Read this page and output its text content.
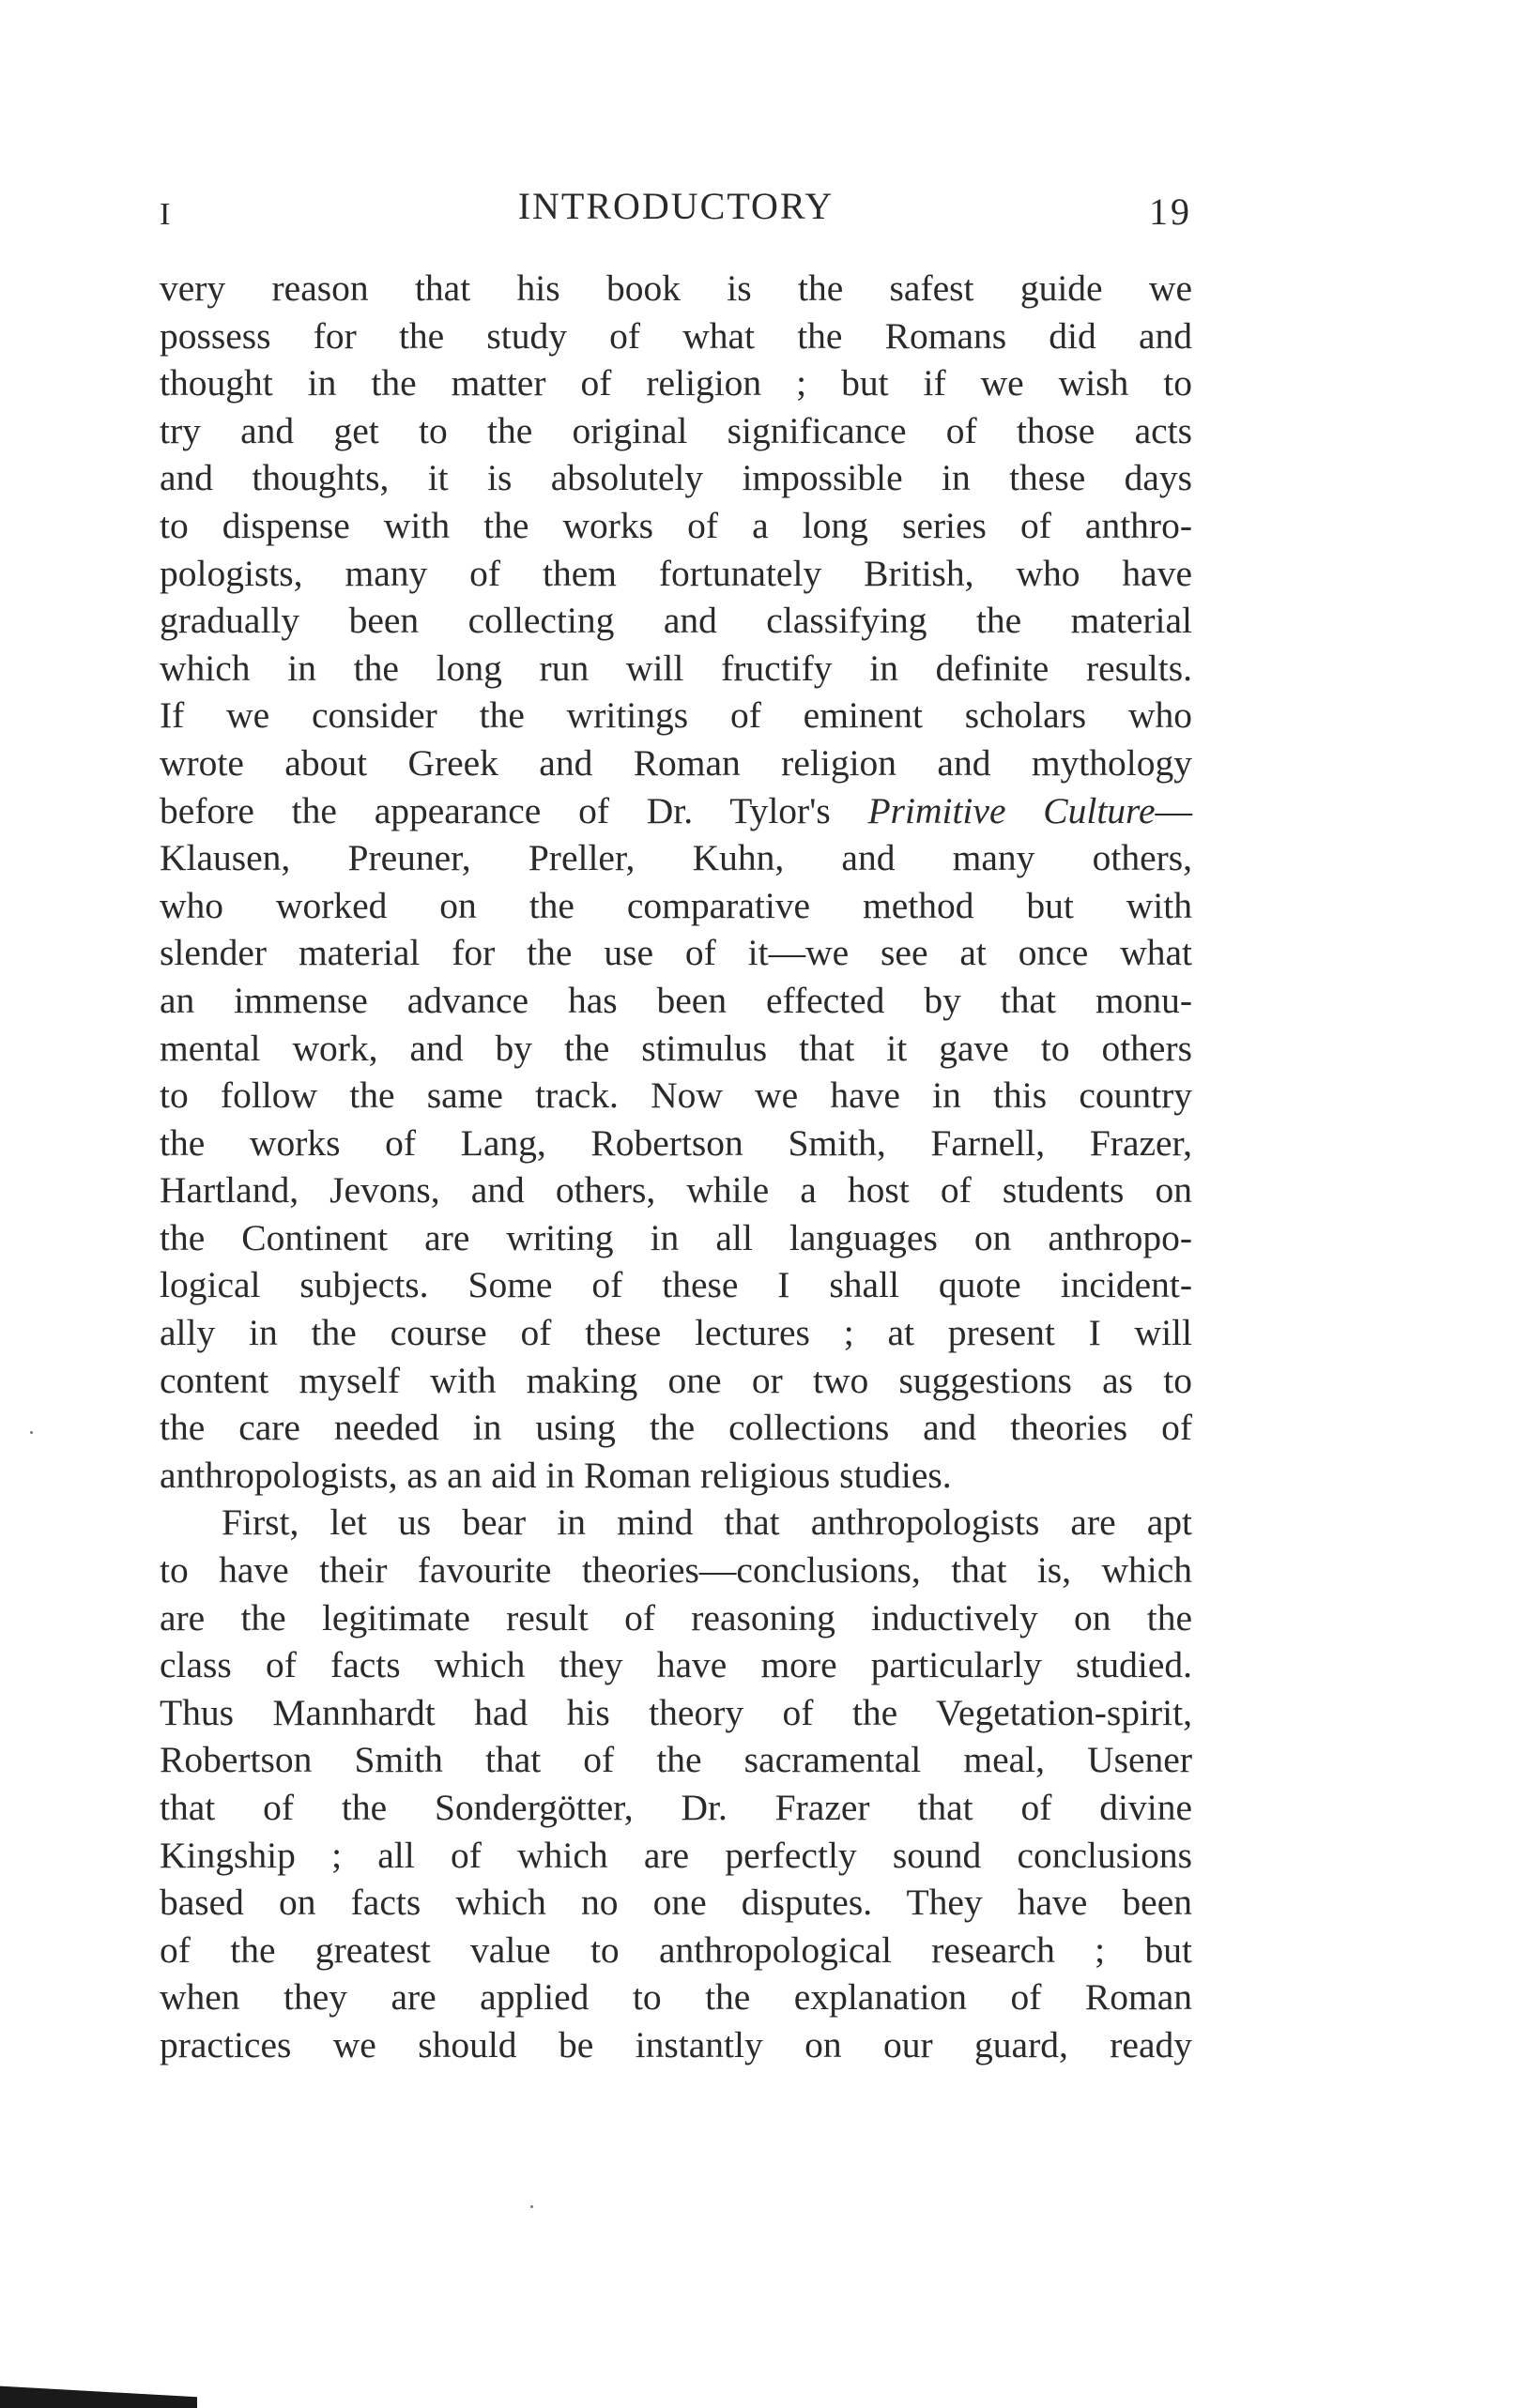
I	INTRODUCTORY	19
very reason that his book is the safest guide we
possess for the study of what the Romans did and
thought in the matter of religion ; but if we wish to
try and get to the original significance of those acts
and thoughts, it is absolutely impossible in these days
to dispense with the works of a long series of anthro-
pologists, many of them fortunately British, who have
gradually been collecting and classifying the material
which in the long run will fructify in definite results.
If we consider the writings of eminent scholars who
wrote about Greek and Roman religion and mythology
before the appearance of Dr. Tylor's Primitive Culture—
Klausen, Preuner, Preller, Kuhn, and many others,
who worked on the comparative method but with
slender material for the use of it—we see at once what
an immense advance has been effected by that monu-
mental work, and by the stimulus that it gave to others
to follow the same track. Now we have in this country
the works of Lang, Robertson Smith, Farnell, Frazer,
Hartland, Jevons, and others, while a host of students on
the Continent are writing in all languages on anthropo-
logical subjects. Some of these I shall quote incident-
ally in the course of these lectures ; at present I will
content myself with making one or two suggestions as to
the care needed in using the collections and theories of
anthropologists, as an aid in Roman religious studies.
First, let us bear in mind that anthropologists are apt
to have their favourite theories—conclusions, that is, which
are the legitimate result of reasoning inductively on the
class of facts which they have more particularly studied.
Thus Mannhardt had his theory of the Vegetation-spirit,
Robertson Smith that of the sacramental meal, Usener
that of the Sondergötter, Dr. Frazer that of divine
Kingship ; all of which are perfectly sound conclusions
based on facts which no one disputes. They have been
of the greatest value to anthropological research ; but
when they are applied to the explanation of Roman
practices we should be instantly on our guard, ready
